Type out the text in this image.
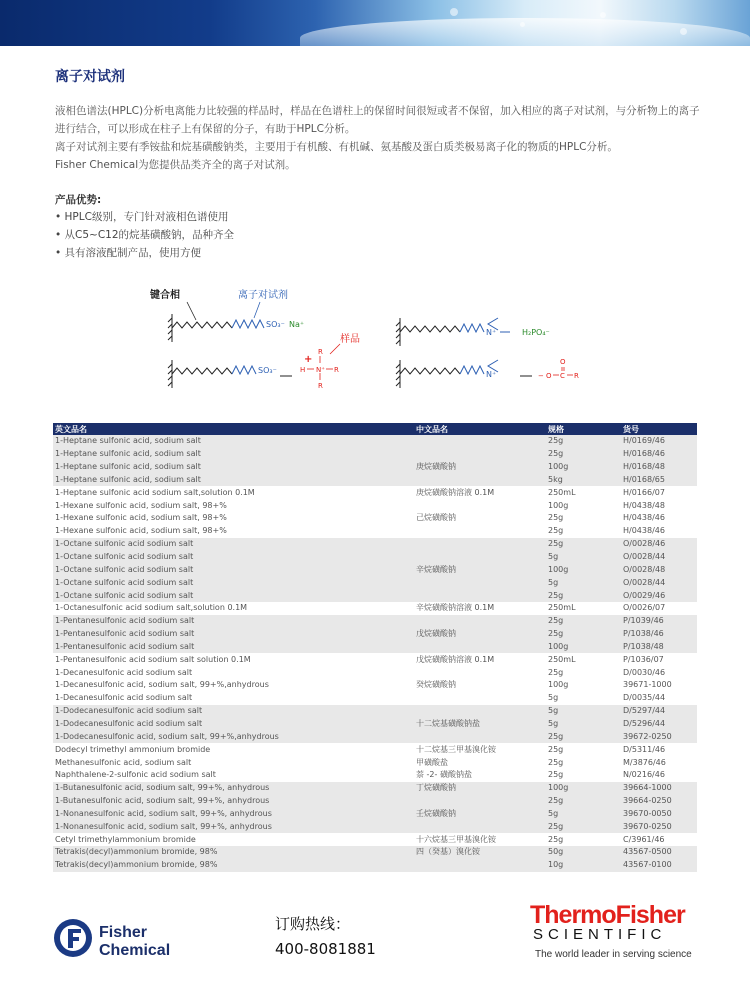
离子对试剂
液相色谱法(HPLC)分析电离能力比较强的样品时，样品在色谱柱上的保留时间很短或者不保留，加入相应的离子对试剂，与分析物上的离子进行结合，可以形成在柱子上有保留的分子，有助于HPLC分析。
离子对试剂主要有季铵盐和烷基磺酸钠类，主要用于有机酸、有机碱、氨基酸及蛋白质类极易离子化的物质的HPLC分析。
Fisher Chemical为您提供品类齐全的离子对试剂。
产品优势:
• HPLC级别，专门针对液相色谱使用
• 从C5~C12的烷基磺酸钠，品种齐全
• 具有溶液配制产品，使用方便
键合相	离子对试剂
SO₃⁻ Na⁺
SO₃⁻
样品
+
R
H N⁺ R
R
N⁺	H₂PO₄⁻
N⁺	− O C
O
R
英文品名	中文品名	规格	货号
1-Heptane sulfonic acid, sodium salt		25g	H/0169/46
1-Heptane sulfonic acid, sodium salt		25g	H/0168/46
1-Heptane sulfonic acid, sodium salt	庚烷磺酸钠	100g	H/0168/48
1-Heptane sulfonic acid, sodium salt		5kg	H/0168/65
1-Heptane sulfonic acid sodium salt,solution 0.1M	庚烷磺酸钠溶液 0.1M	250mL	H/0166/07
1-Hexane sulfonic acid, sodium salt, 98+%		100g	H/0438/48
1-Hexane sulfonic acid, sodium salt, 98+%	己烷磺酸钠	25g	H/0438/46
1-Hexane sulfonic acid, sodium salt, 98+%		25g	H/0438/46
1-Octane sulfonic acid sodium salt		25g	O/0028/46
1-Octane sulfonic acid sodium salt		5g	O/0028/44
1-Octane sulfonic acid sodium salt	辛烷磺酸钠	100g	O/0028/48
1-Octane sulfonic acid sodium salt		5g	O/0028/44
1-Octane sulfonic acid sodium salt		25g	O/0029/46
1-Octanesulfonic acid sodium salt,solution 0.1M	辛烷磺酸钠溶液 0.1M	250mL	O/0026/07
1-Pentanesulfonic acid sodium salt		25g	P/1039/46
1-Pentanesulfonic acid sodium salt	戊烷磺酸钠	25g	P/1038/46
1-Pentanesulfonic acid sodium salt		100g	P/1038/48
1-Pentanesulfonic acid sodium salt solution 0.1M	戊烷磺酸钠溶液 0.1M	250mL	P/1036/07
1-Decanesulfonic acid sodium salt		25g	D/0030/46
1-Decanesulfonic acid, sodium salt, 99+%,anhydrous	癸烷磺酸钠	100g	39671-1000
1-Decanesulfonic acid sodium salt		5g	D/0035/44
1-Dodecanesulfonic acid sodium salt		5g	D/5297/44
1-Dodecanesulfonic acid sodium salt	十二烷基磺酸钠盐	5g	D/5296/44
1-Dodecanesulfonic acid, sodium salt, 99+%,anhydrous		25g	39672-0250
Dodecyl trimethyl ammonium bromide	十二烷基三甲基溴化铵	25g	D/5311/46
Methanesulfonic acid, sodium salt	甲磺酸盐	25g	M/3876/46
Naphthalene-2-sulfonic acid sodium salt	萘 -2- 磺酸钠盐	25g	N/0216/46
1-Butanesulfonic acid, sodium salt, 99+%, anhydrous	丁烷磺酸钠	100g	39664-1000
1-Butanesulfonic acid, sodium salt, 99+%, anhydrous		25g	39664-0250
1-Nonanesulfonic acid, sodium salt, 99+%, anhydrous	壬烷磺酸钠	5g	39670-0050
1-Nonanesulfonic acid, sodium salt, 99+%, anhydrous		25g	39670-0250
Cetyl trimethylammonium bromide	十六烷基三甲基溴化铵	25g	C/3961/46
Tetrakis(decyl)ammonium bromide, 98%	四（癸基）溴化铵	50g	43567-0500
Tetrakis(decyl)ammonium bromide, 98%		10g	43567-0100
Fisher
Chemical
订购热线：
400-8081881
ThermoFisher
SCIENTIFIC
The world leader in serving science
